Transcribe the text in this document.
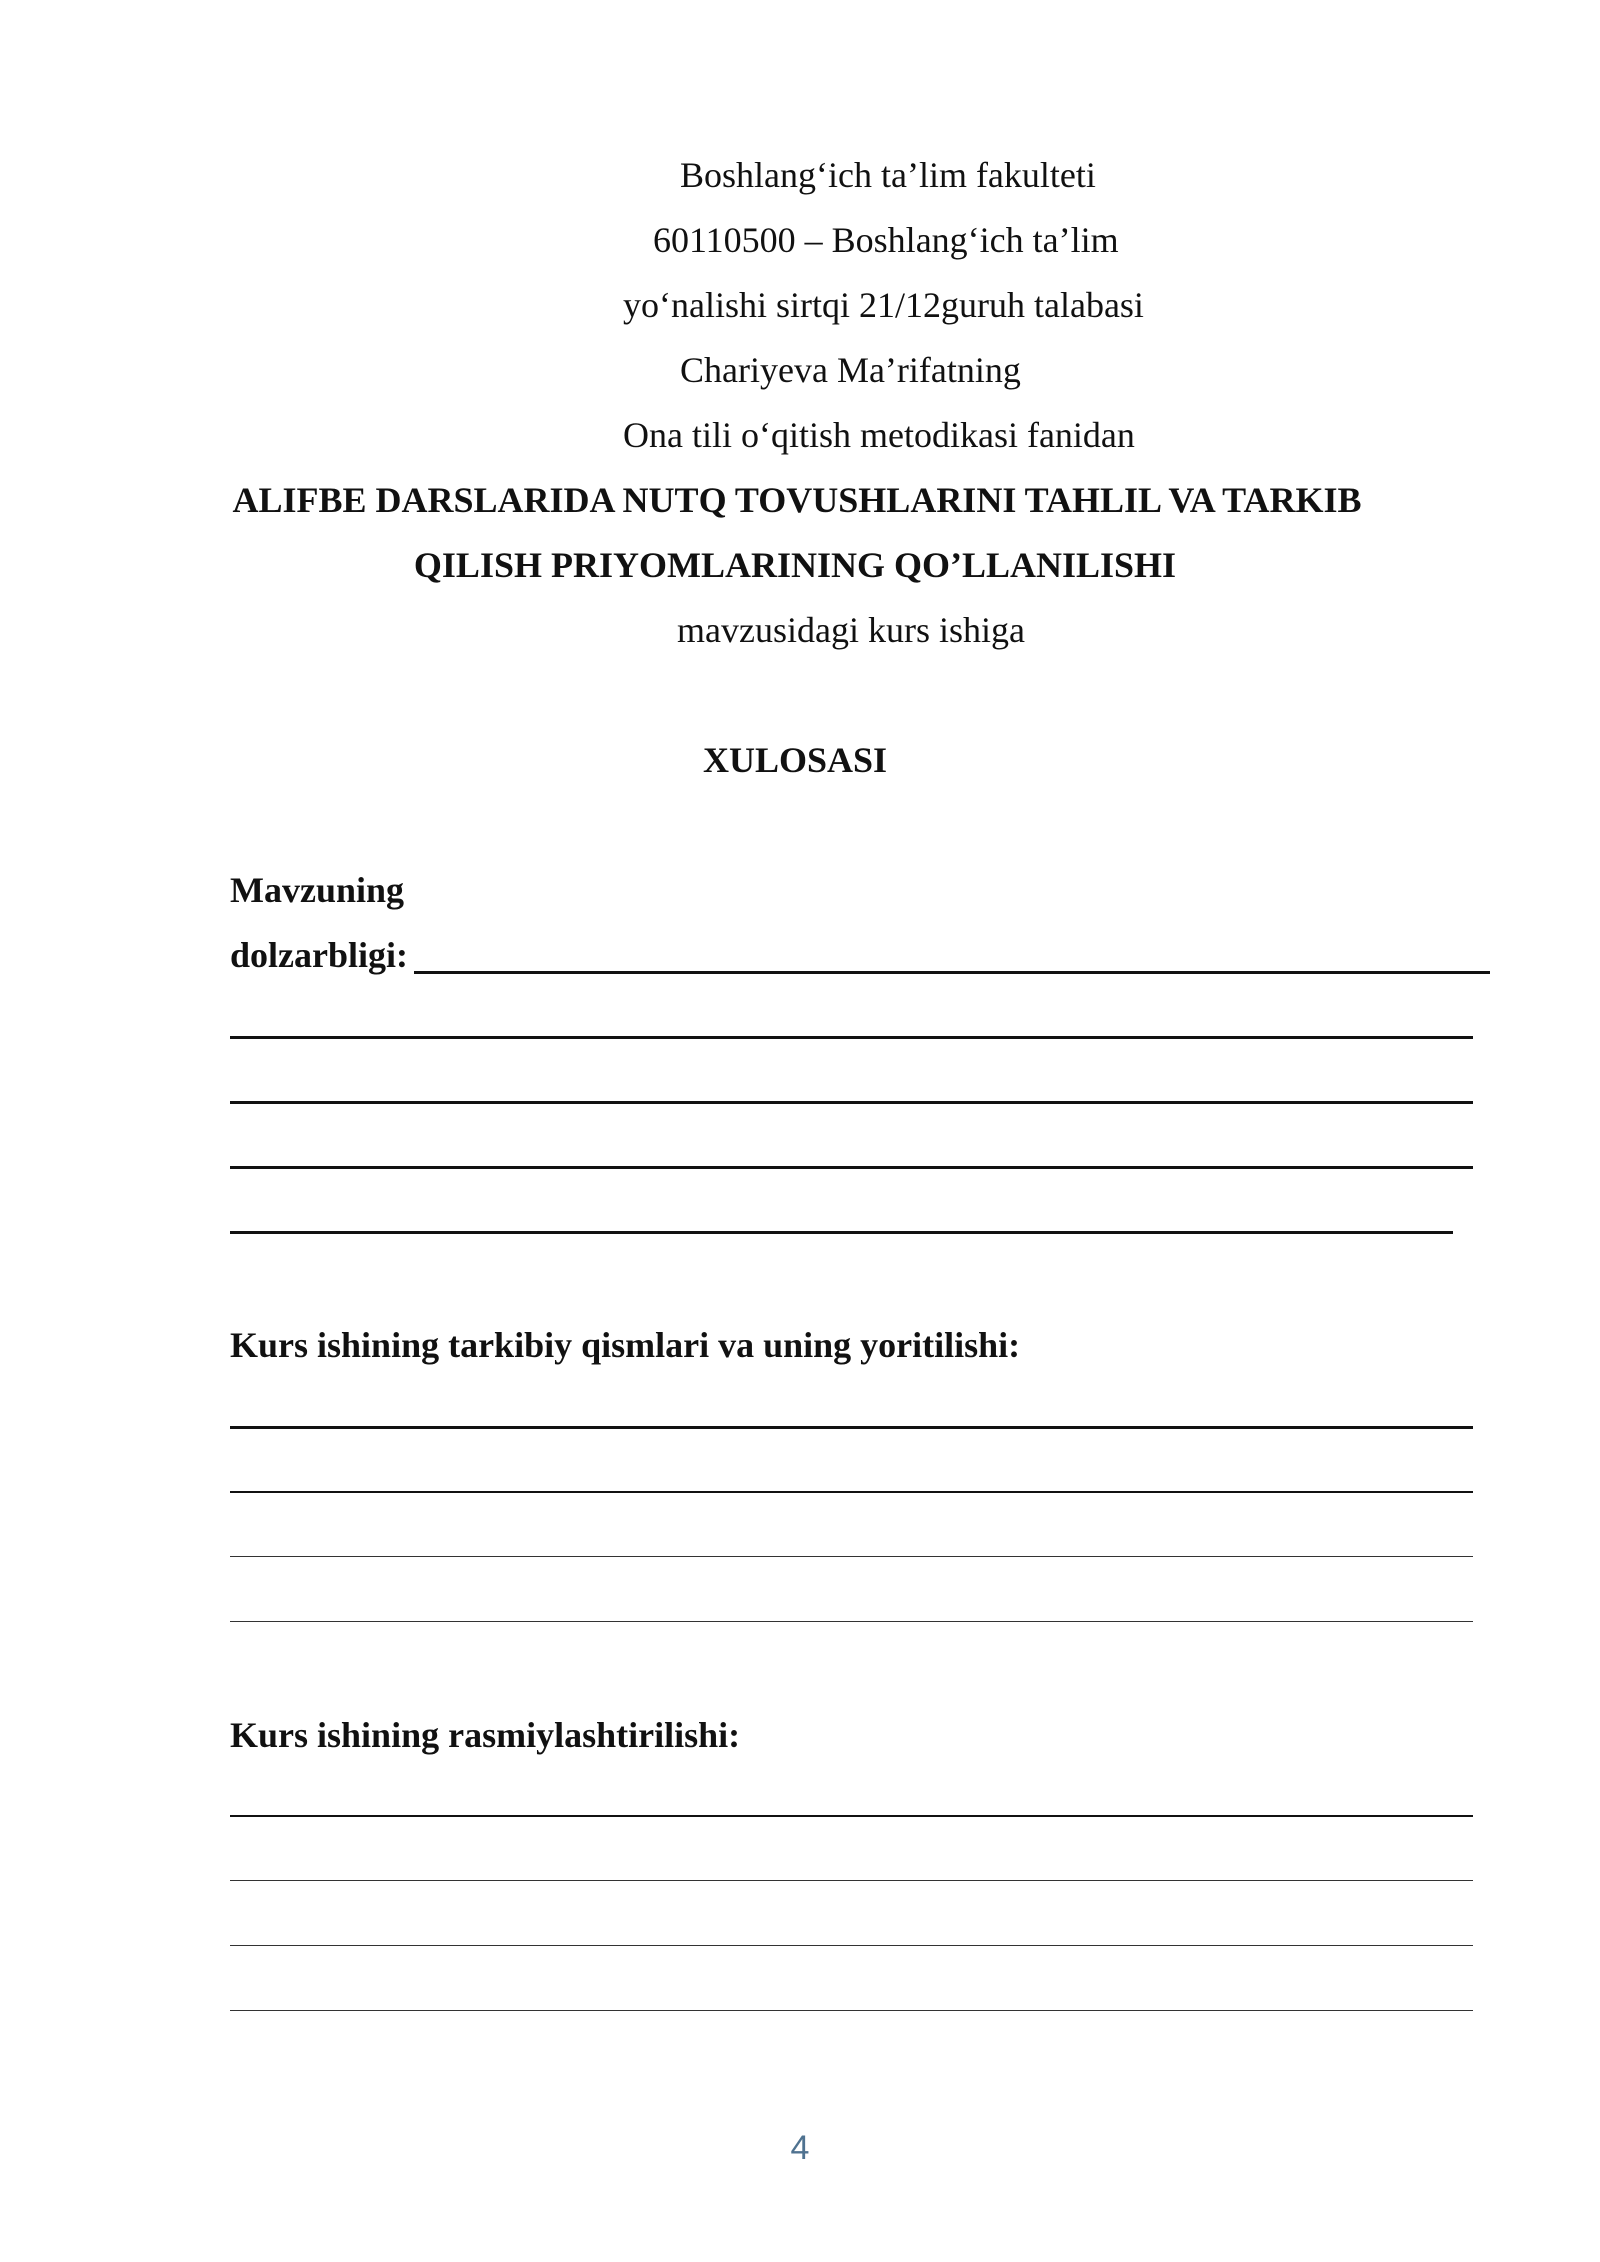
Boshlang‘ich ta’lim fakulteti
60110500 – Boshlang‘ich ta’lim
yo‘nalishi sirtqi 21/12guruh talabasi
Chariyeva Ma’rifatning
Ona tili o‘qitish metodikasi fanidan
ALIFBE DARSLARIDA NUTQ TOVUSHLARINI TAHLIL VA TARKIB
QILISH PRIYOMLARINING QO’LLANILISHI
mavzusidagi kurs ishiga
XULOSASI
Mavzuning
dolzarbligi:
Kurs ishining tarkibiy qismlari va uning yoritilishi:
Kurs ishining rasmiylashtirilishi:
4
